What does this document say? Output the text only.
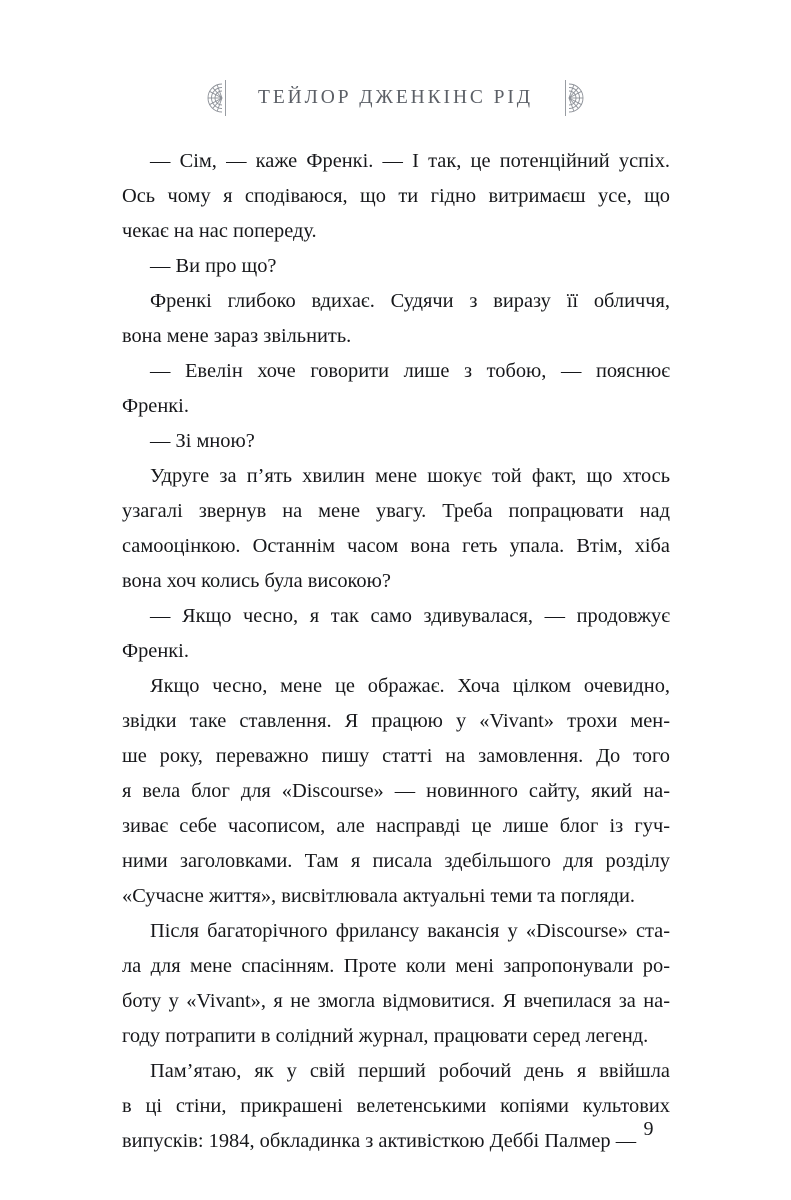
ТЕЙЛОР ДЖЕНКІНС РІД
— Сім, — каже Френкі. — І так, це потенційний успіх.
Ось чому я сподіваюся, що ти гідно витримаєш усе, що
чекає на нас попереду.
— Ви про що?
Френкі глибоко вдихає. Судячи з виразу її обличчя,
вона мене зараз звільнить.
— Евелін хоче говорити лише з тобою, — пояснює
Френкі.
— Зі мною?
Удруге за п’ять хвилин мене шокує той факт, що хтось
узагалі звернув на мене увагу. Треба попрацювати над
самооцінкою. Останнім часом вона геть упала. Втім, хіба
вона хоч колись була високою?
— Якщо чесно, я так само здивувалася, — продовжує
Френкі.
Якщо чесно, мене це ображає. Хоча цілком очевидно,
звідки таке ставлення. Я працюю у «Vivant» трохи мен-
ше року, переважно пишу статті на замовлення. До того
я вела блог для «Discourse» — новинного сайту, який на-
зиває себе часописом, але насправді це лише блог із гуч-
ними заголовками. Там я писала здебільшого для розділу
«Сучасне життя», висвітлювала актуальні теми та погляди.
Після багаторічного фрилансу вакансія у «Discourse» ста-
ла для мене спасінням. Проте коли мені запропонували ро-
боту у «Vivant», я не змогла відмовитися. Я вчепилася за на-
году потрапити в солідний журнал, працювати серед легенд.
Пам’ятаю, як у свій перший робочий день я ввійшла
в ці стіни, прикрашені велетенськими копіями культових
випусків: 1984, обкладинка з активісткою Деббі Палмер —
9
